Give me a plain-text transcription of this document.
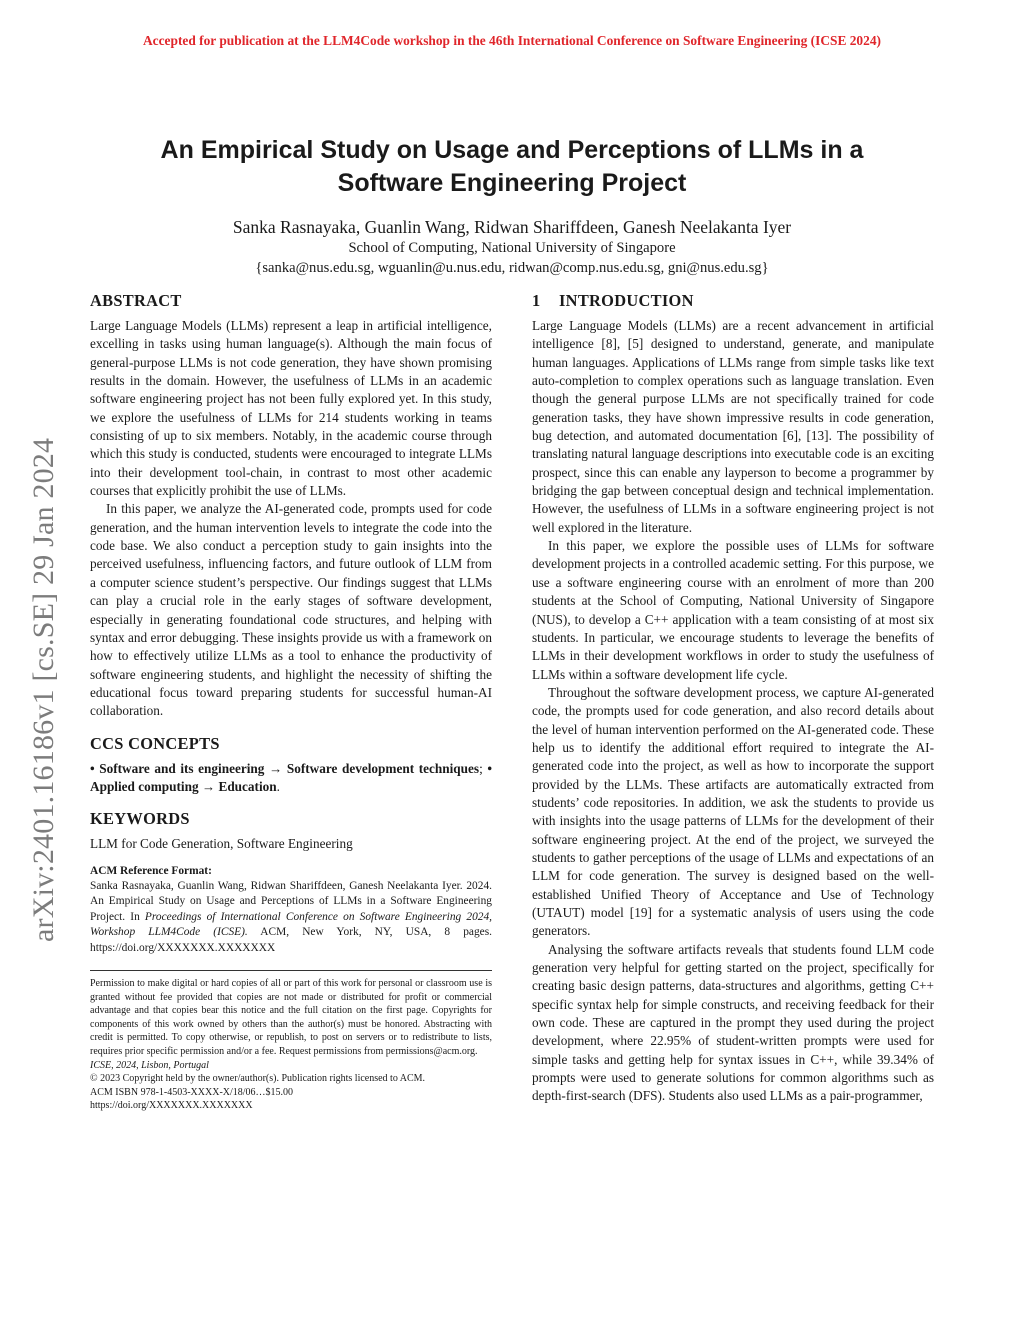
Accepted for publication at the LLM4Code workshop in the 46th International Conference on Software Engineering (ICSE 2024)
arXiv:2401.16186v1 [cs.SE] 29 Jan 2024
An Empirical Study on Usage and Perceptions of LLMs in a
Software Engineering Project
Sanka Rasnayaka, Guanlin Wang, Ridwan Shariffdeen, Ganesh Neelakanta Iyer
School of Computing, National University of Singapore
{sanka@nus.edu.sg, wguanlin@u.nus.edu, ridwan@comp.nus.edu.sg, gni@nus.edu.sg}
ABSTRACT

Large Language Models (LLMs) represent a leap in artificial intelligence, excelling in tasks using human language(s). Although the main focus of general-purpose LLMs is not code generation, they have shown promising results in the domain. However, the usefulness of LLMs in an academic software engineering project has not been fully explored yet. In this study, we explore the usefulness of LLMs for 214 students working in teams consisting of up to six members. Notably, in the academic course through which this study is conducted, students were encouraged to integrate LLMs into their development tool-chain, in contrast to most other academic courses that explicitly prohibit the use of LLMs.

In this paper, we analyze the AI-generated code, prompts used for code generation, and the human intervention levels to integrate the code into the code base. We also conduct a perception study to gain insights into the perceived usefulness, influencing factors, and future outlook of LLM from a computer science student’s perspective. Our findings suggest that LLMs can play a crucial role in the early stages of software development, especially in generating foundational code structures, and helping with syntax and error debugging. These insights provide us with a framework on how to effectively utilize LLMs as a tool to enhance the productivity of software engineering students, and highlight the necessity of shifting the educational focus toward preparing students for successful human-AI collaboration.

CCS CONCEPTS

• Software and its engineering → Software development techniques; • Applied computing → Education.

KEYWORDS

LLM for Code Generation, Software Engineering

ACM Reference Format:

Sanka Rasnayaka, Guanlin Wang, Ridwan Shariffdeen, Ganesh Neelakanta Iyer. 2024. An Empirical Study on Usage and Perceptions of LLMs in a Software Engineering Project. In Proceedings of International Conference on Software Engineering 2024, Workshop LLM4Code (ICSE). ACM, New York, NY, USA, 8 pages. https://doi.org/XXXXXXX.XXXXXXX

Permission to make digital or hard copies of all or part of this work for personal or classroom use is granted without fee provided that copies are not made or distributed for profit or commercial advantage and that copies bear this notice and the full citation on the first page. Copyrights for components of this work owned by others than the author(s) must be honored. Abstracting with credit is permitted. To copy otherwise, or republish, to post on servers or to redistribute to lists, requires prior specific permission and/or a fee. Request permissions from permissions@acm.org.
ICSE, 2024, Lisbon, Portugal
© 2023 Copyright held by the owner/author(s). Publication rights licensed to ACM.
ACM ISBN 978-1-4503-XXXX-X/18/06…$15.00
https://doi.org/XXXXXXX.XXXXXXX
1 INTRODUCTION

Large Language Models (LLMs) are a recent advancement in artificial intelligence [8], [5] designed to understand, generate, and manipulate human languages. Applications of LLMs range from simple tasks like text auto-completion to complex operations such as language translation. Even though the general purpose LLMs are not specifically trained for code generation tasks, they have shown impressive results in code generation, bug detection, and automated documentation [6], [13]. The possibility of translating natural language descriptions into executable code is an exciting prospect, since this can enable any layperson to become a programmer by bridging the gap between conceptual design and technical implementation. However, the usefulness of LLMs in a software engineering project is not well explored in the literature.

In this paper, we explore the possible uses of LLMs for software development projects in a controlled academic setting. For this purpose, we use a software engineering course with an enrolment of more than 200 students at the School of Computing, National University of Singapore (NUS), to develop a C++ application with a team consisting of at most six students. In particular, we encourage students to leverage the benefits of LLMs in their development workflows in order to study the usefulness of LLMs within a software development life cycle.

Throughout the software development process, we capture AI-generated code, the prompts used for code generation, and also record details about the level of human intervention performed on the AI-generated code. These help us to identify the additional effort required to integrate the AI-generated code into the project, as well as how to incorporate the support provided by the LLMs. These artifacts are automatically extracted from students’ code repositories. In addition, we ask the students to provide us with insights into the usage patterns of LLMs for the development of their software engineering project. At the end of the project, we surveyed the students to gather perceptions of the usage of LLMs and expectations of an LLM for code generation. The survey is designed based on the well-established Unified Theory of Acceptance and Use of Technology (UTAUT) model [19] for a systematic analysis of users using the code generators.

Analysing the software artifacts reveals that students found LLM code generation very helpful for getting started on the project, specifically for creating basic design patterns, data-structures and algorithms, getting C++ specific syntax help for simple constructs, and receiving feedback for their own code. These are captured in the prompt they used during the project development, where 22.95% of student-written prompts were used for simple tasks and getting help for syntax issues in C++, while 39.34% of prompts were used to generate solutions for common algorithms such as depth-first-search (DFS). Students also used LLMs as a pair-programmer,
